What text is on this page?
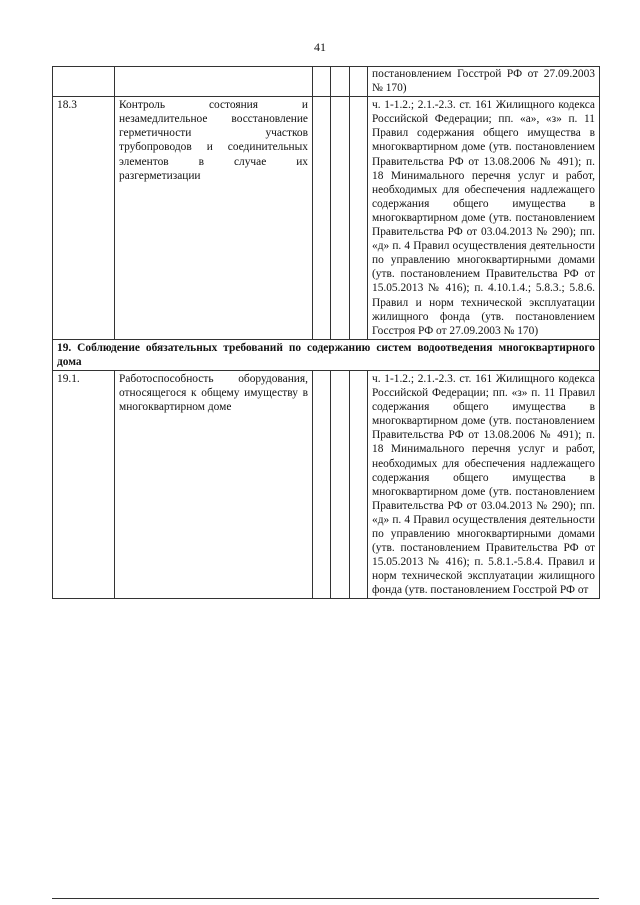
41
					постановлением Госстрой РФ от 27.09.2003 № 170)
18.3	Контроль состояния и незамедлительное восстановление герметичности участков трубопроводов и соединительных элементов в случае их разгерметизации				ч. 1-1.2.; 2.1.-2.3. ст. 161 Жилищного кодекса Российской Федерации; пп. «а», «з» п. 11 Правил содержания общего имущества в многоквартирном доме (утв. постановлением Правительства РФ от 13.08.2006 № 491); п. 18 Минимального перечня услуг и работ, необходимых для обеспечения надлежащего содержания общего имущества в многоквартирном доме (утв. постановлением Правительства РФ от 03.04.2013 № 290); пп. «д» п. 4 Правил осуществления деятельности по управлению многоквартирными домами (утв. постановлением Правительства РФ от 15.05.2013 № 416); п. 4.10.1.4.; 5.8.3.; 5.8.6. Правил и норм технической эксплуатации жилищного фонда (утв. постановлением Госстроя РФ от 27.09.2003 № 170)
19. Соблюдение обязательных требований по содержанию систем водоотведения многоквартирного дома					
19.1.	Работоспособность оборудования, относящегося к общему имуществу в многоквартирном доме				ч. 1-1.2.; 2.1.-2.3. ст. 161 Жилищного кодекса Российской Федерации; пп. «з» п. 11 Правил содержания общего имущества в многоквартирном доме (утв. постановлением Правительства РФ от 13.08.2006 № 491); п. 18 Минимального перечня услуг и работ, необходимых для обеспечения надлежащего содержания общего имущества в многоквартирном доме (утв. постановлением Правительства РФ от 03.04.2013 № 290); пп. «д» п. 4 Правил осуществления деятельности по управлению многоквартирными домами (утв. постановлением Правительства РФ от 15.05.2013 № 416); п. 5.8.1.-5.8.4. Правил и норм технической эксплуатации жилищного фонда (утв. постановлением Госстрой РФ от
